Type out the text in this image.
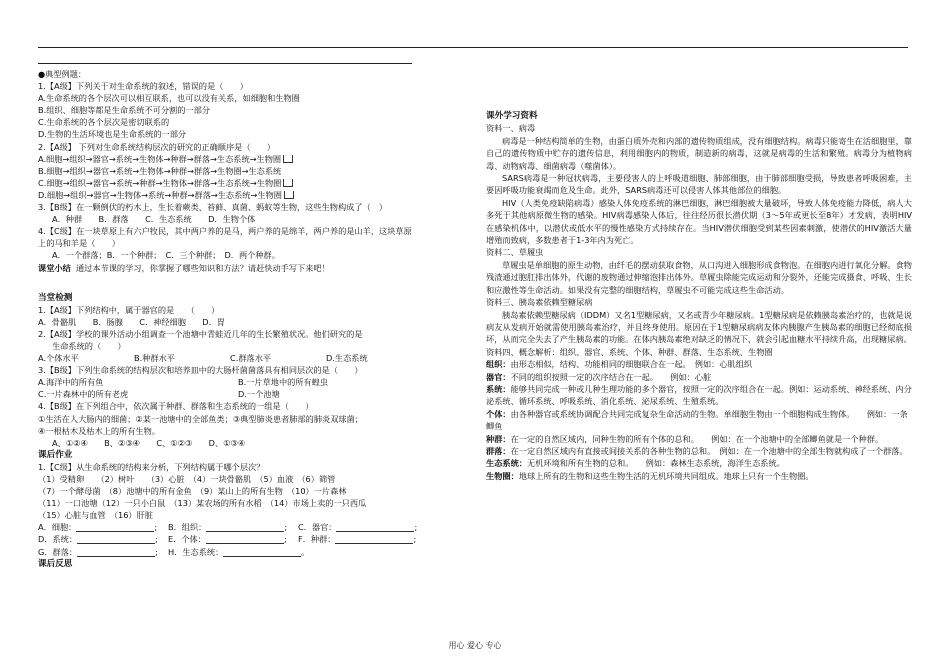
●典型例题：
1.【A级】下列关于对生命系统的叙述，错误的是（　　）
A.生命系统的各个层次可以相互联系，也可以没有关系，如细胞和生物圈
B.组织、细胞等都是生命系统不可分割的一部分
C.生命系统的各个层次是密切联系的
D.生物的生活环境也是生命系统的一部分
2.【A级】 下列对生命系统结构层次的研究的正确顺序是（　　）
A.细胞→组织→器官→系统→生物体→种群→群落→生态系统→生物圈
B.细胞→组织→器官→系统→生物体→种群→群落→生物圈→生态系统
C.细胞→组织→器官→系统→种群→生物体→群落→生态系统→生物圈
D.细胞→组织→器官→生物体→系统→种群→群落→生态系统→生物圈
3.【B级】在一颗倒伏的朽木上，生长着蕨类、苔藓、真菌、蚂蚁等生物，这些生物构成了（　）
A．种群　　B．群落　　C．生态系统　　D．生物个体
4.【C级】在一块草原上有六户牧民，其中两户养的是马，两户养的是绵羊，两户养的是山羊，这块草原
上的马和羊是（　　）
A．一个群落；B．一个种群；　C．三个种群；　D．两个种群。
课堂小结 通过本节课的学习，你掌握了哪些知识和方法？请赶快动手写下来吧！
当堂检测
1.【A级】下列结构中，属于器官的是　　（　　）
A．骨骼肌　　B．肠腺　　C．神经细胞　　D．胃
2.【A级】学校的课外活动小组调查一个池塘中青蛙近几年的生长繁殖状况。他们研究的是
生命系统的（　　）
A.个体水平	B.种群水平	C.群落水平	D.生态系统
3.【B级】下列生命系统的结构层次和培养皿中的大肠杆菌菌落具有相同层次的是（　　）
A.海洋中的所有鱼	B.一片草地中的所有蝗虫
C.一片森林中的所有老虎	D.一个池塘
4.【B级】在下列组合中，依次属于种群、群落和生态系统的一组是（　　）
①生活在人大肠内的细菌；②某一池塘中的全部鱼类；③典型肺炎患者肺部的肺炎双球菌；
④一根枯木及枯木上的所有生物。
A、①②④　　B、②③④　　C、①②③　　D、①③④
课后作业
1.【C级】从生命系统的结构来分析，下列结构属于哪个层次？
（1）受精卵　　（2）树叶　　（3）心脏　（4）一块骨骼肌　（5）血液　（6）筛管
（7）一个酵母菌　（8）池塘中的所有金鱼　（9）某山上的所有生物　（10）一片森林
（11）一口池塘（12）一只小白鼠　（13）某农场的所有水稻　（14）市场上卖的一只西瓜
（15）心脏与血管　（16）肝脏
A．细胞：	; B．组织：	; C．器官：	;
D．系统：	; E．个体：	; F．种群：	;
G．群落：	; H．生态系统：	。
课后反思
课外学习资料
资料一、病毒
病毒是一种结构简单的生物，由蛋白质外壳和内部的遗传物质组成，没有细胞结构。病毒只能寄生在活细胞里，靠自己的遗传物质中贮存的遗传信息，利用细胞内的物质，制造新的病毒，这就是病毒的生活和繁殖。病毒分为植物病毒、动物病毒、细菌病毒（噬菌体）。
SARS病毒是一种冠状病毒，主要侵害人的上呼吸道细胞、肺部细胞，由于肺部细胞受损，导致患者呼吸困难，主要因呼吸功能衰竭而危及生命。此外，SARS病毒还可以侵害人体其他部位的细胞。
HIV（人类免疫缺陷病毒）感染人体免疫系统的淋巴细胞，淋巴细胞被大量破坏，导致人体免疫能力降低，病人大多死于其他病原微生物的感染。HIV病毒感染人体后，往往经历很长潜伏期（3～5年或更长至8年）才发病，表明HIV在感染机体中，以潜伏或低水平的慢性感染方式持续存在。当HIV潜伏细胞受到某些因素刺激，使潜伏的HIV激活大量增殖而致病，多数患者于1-3年内为死亡。
资料二、草履虫
草履虫是单细胞的原生动物，由纤毛的摆动获取食物，从口沟进入细胞形成食物泡。在细胞内进行氧化分解。食物残渣通过胞肛排出体外，代谢的废物通过伸缩泡排出体外。草履虫除能完成运动和分裂外，还能完成摄食、呼吸、生长和应激性等生命活动。如果没有完整的细胞结构，草履虫不可能完成这些生命活动。
资料三、胰岛素依赖型糖尿病
胰岛素依赖型糖尿病（IDDM）又名1型糖尿病，又名或青少年糖尿病。1型糖尿病是依赖胰岛素治疗的，也就是说病友从发病开始就需使用胰岛素治疗，并且终身使用。原因在于1型糖尿病病友体内胰腺产生胰岛素的细胞已经彻底损坏，从而完全失去了产生胰岛素的功能。在体内胰岛素绝对缺乏的情况下，就会引起血糖水平持续升高，出现糖尿病。
资料四、概念解析：组织、器官、系统、个体、种群、群落、生态系统、生物圈
组织：由形态相似，结构、功能相同的细胞联合在一起。　例如：心肌组织
器官：不同的组织按照一定的次序结合在一起。　　例如：心脏
系统：能够共同完成一种或几种生理功能的多个器官，按照一定的次序组合在一起。例如：运动系统、神经系统、内分泌系统、循环系统、呼吸系统、消化系统、泌尿系统、生殖系统。
个体：由各种器官或系统协调配合共同完成复杂生命活动的生物。单细胞生物由一个细胞构成生物体。　　例如：一条鲫鱼
种群：在一定的自然区域内，同种生物的所有个体的总和。　　例如：在一个池塘中的全部鲫鱼就是一个种群。
群落：在一定自然区域内有直接或间接关系的各种生物的总和。　例如：在一个池塘中的全部生物就构成了一个群落。
生态系统：无机环境和所有生物的总和。　　例如：森林生态系统，海洋生态系统。
生物圈：地球上所有的生物和这些生物生活的无机环境共同组成。地球上只有一个生物圈。
用心 爱心 专心
